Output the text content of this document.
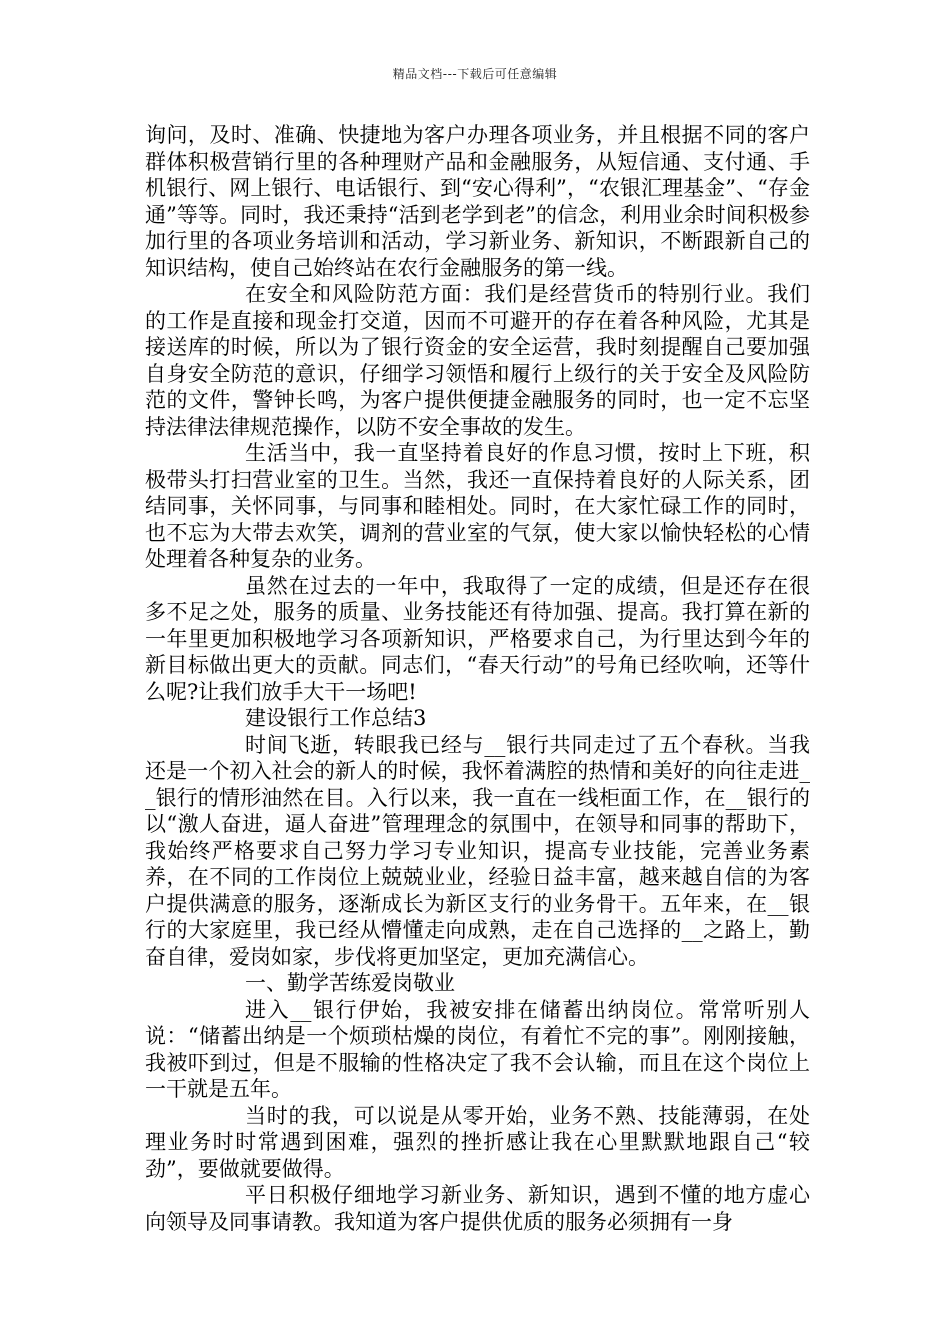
精品文档---下载后可任意编辑

询问，及时、准确、快捷地为客户办理各项业务，并且根据不同的客户群体积极营销行里的各种理财产品和金融服务，从短信通、支付通、手机银行、网上银行、电话银行、到“安心得利”，“农银汇理基金”、“存金通”等等。同时，我还秉持“活到老学到老”的信念，利用业余时间积极参加行里的各项业务培训和活动，学习新业务、新知识，不断跟新自己的知识结构，使自己始终站在农行金融服务的第一线。

在安全和风险防范方面：我们是经营货币的特别行业。我们的工作是直接和现金打交道，因而不可避开的存在着各种风险，尤其是接送库的时候，所以为了银行资金的安全运营，我时刻提醒自己要加强自身安全防范的意识，仔细学习领悟和履行上级行的关于安全及风险防范的文件，警钟长鸣，为客户提供便捷金融服务的同时，也一定不忘坚持法律法律规范操作，以防不安全事故的发生。

生活当中，我一直坚持着良好的作息习惯，按时上下班，积极带头打扫营业室的卫生。当然，我还一直保持着良好的人际关系，团结同事，关怀同事，与同事和睦相处。同时，在大家忙碌工作的同时，也不忘为大带去欢笑，调剂的营业室的气氛，使大家以愉快轻松的心情处理着各种复杂的业务。

虽然在过去的一年中，我取得了一定的成绩，但是还存在很多不足之处，服务的质量、业务技能还有待加强、提高。我打算在新的一年里更加积极地学习各项新知识，严格要求自己，为行里达到今年的新目标做出更大的贡献。同志们，“春天行动”的号角已经吹响，还等什么呢?让我们放手大干一场吧!

建设银行工作总结3

时间飞逝，转眼我已经与__银行共同走过了五个春秋。当我还是一个初入社会的新人的时候，我怀着满腔的热情和美好的向往走进__银行的情形油然在目。入行以来，我一直在一线柜面工作，在__银行的以“激人奋进，逼人奋进”管理理念的氛围中，在领导和同事的帮助下，我始终严格要求自己努力学习专业知识，提高专业技能，完善业务素养，在不同的工作岗位上兢兢业业，经验日益丰富，越来越自信的为客户提供满意的服务，逐渐成长为新区支行的业务骨干。五年来，在__银行的大家庭里，我已经从懵懂走向成熟，走在自己选择的__之路上，勤奋自律，爱岗如家，步伐将更加坚定，更加充满信心。

一、勤学苦练爱岗敬业

进入__银行伊始，我被安排在储蓄出纳岗位。常常听别人说：“储蓄出纳是一个烦琐枯燥的岗位，有着忙不完的事”。刚刚接触，我被吓到过，但是不服输的性格决定了我不会认输，而且在这个岗位上一干就是五年。

当时的我，可以说是从零开始，业务不熟、技能薄弱，在处理业务时时常遇到困难，强烈的挫折感让我在心里默默地跟自己“较劲”，要做就要做得。

平日积极仔细地学习新业务、新知识，遇到不懂的地方虚心向领导及同事请教。我知道为客户提供优质的服务必须拥有一身
